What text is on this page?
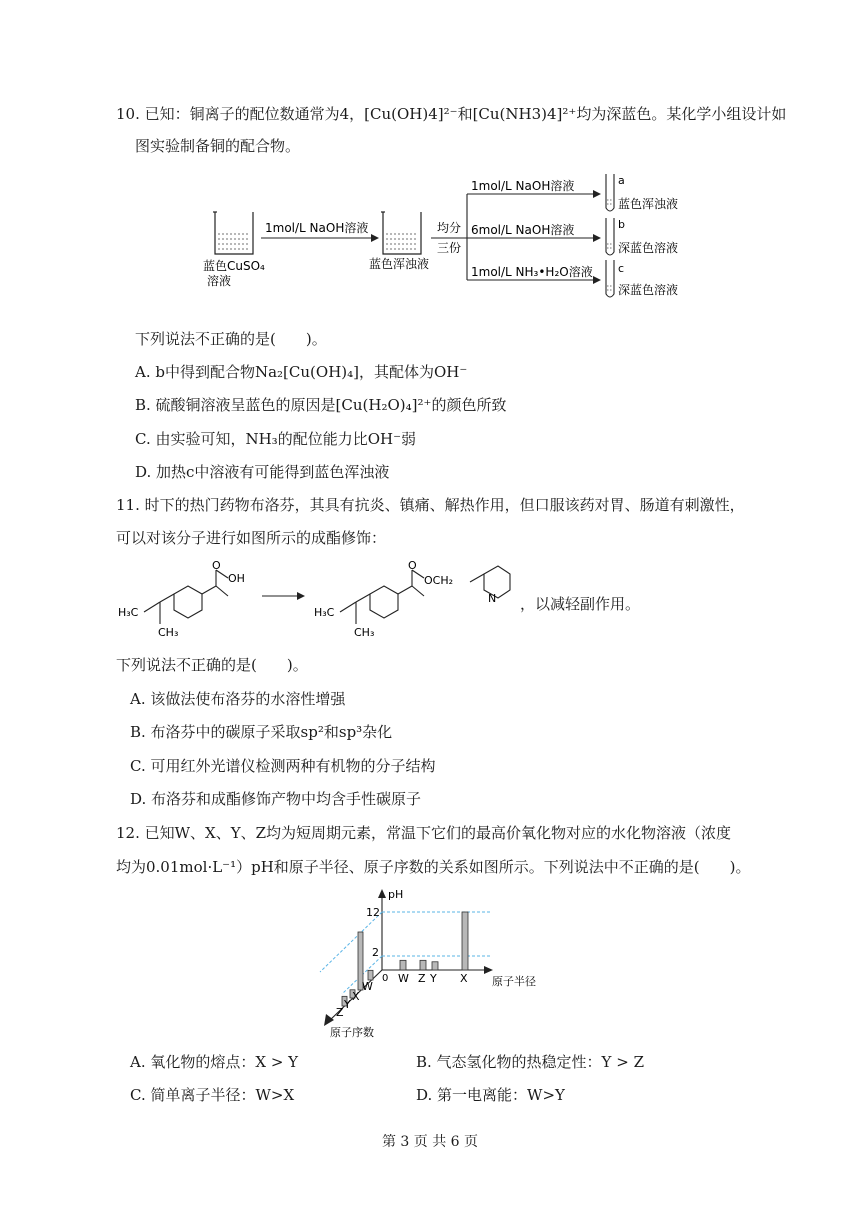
10. 已知：铜离子的配位数通常为4，[Cu(OH)4]²⁻和[Cu(NH3)4]²⁺均为深蓝色。某化学小组设计如
图实验制备铜的配合物。
蓝色CuSO₄
溶液
1mol/L NaOH溶液
蓝色浑浊液
均分
三份
1mol/L NaOH溶液
6mol/L NaOH溶液
1mol/L NH₃•H₂O溶液
a
b
c
蓝色浑浊液
深蓝色溶液
深蓝色溶液
下列说法不正确的是(　　)。
A. b中得到配合物Na₂[Cu(OH)₄]，其配体为OH⁻
B. 硫酸铜溶液呈蓝色的原因是[Cu(H₂O)₄]²⁺的颜色所致
C. 由实验可知，NH₃的配位能力比OH⁻弱
D. 加热c中溶液有可能得到蓝色浑浊液
11. 时下的热门药物布洛芬，其具有抗炎、镇痛、解热作用，但口服该药对胃、肠道有刺激性，
可以对该分子进行如图所示的成酯修饰：
OH
O
H₃C
CH₃
O
OCH₂
N
H₃C
CH₃
，以减轻副作用。
下列说法不正确的是(　　)。
A. 该做法使布洛芬的水溶性增强
B. 布洛芬中的碳原子采取sp²和sp³杂化
C. 可用红外光谱仪检测两种有机物的分子结构
D. 布洛芬和成酯修饰产物中均含手性碳原子
12. 已知W、X、Y、Z均为短周期元素，常温下它们的最高价氧化物对应的水化物溶液（浓度
均为0.01mol·L⁻¹）pH和原子半径、原子序数的关系如图所示。下列说法中不正确的是(　　)。
pH
12
2
0	原子半径
原子序数
W Z Y X
Z
Y
X
W
A. 氧化物的熔点：X > Y	B. 气态氢化物的热稳定性：Y > Z
C. 简单离子半径：W>X	D. 第一电离能：W>Y
第 3 页 共 6 页
